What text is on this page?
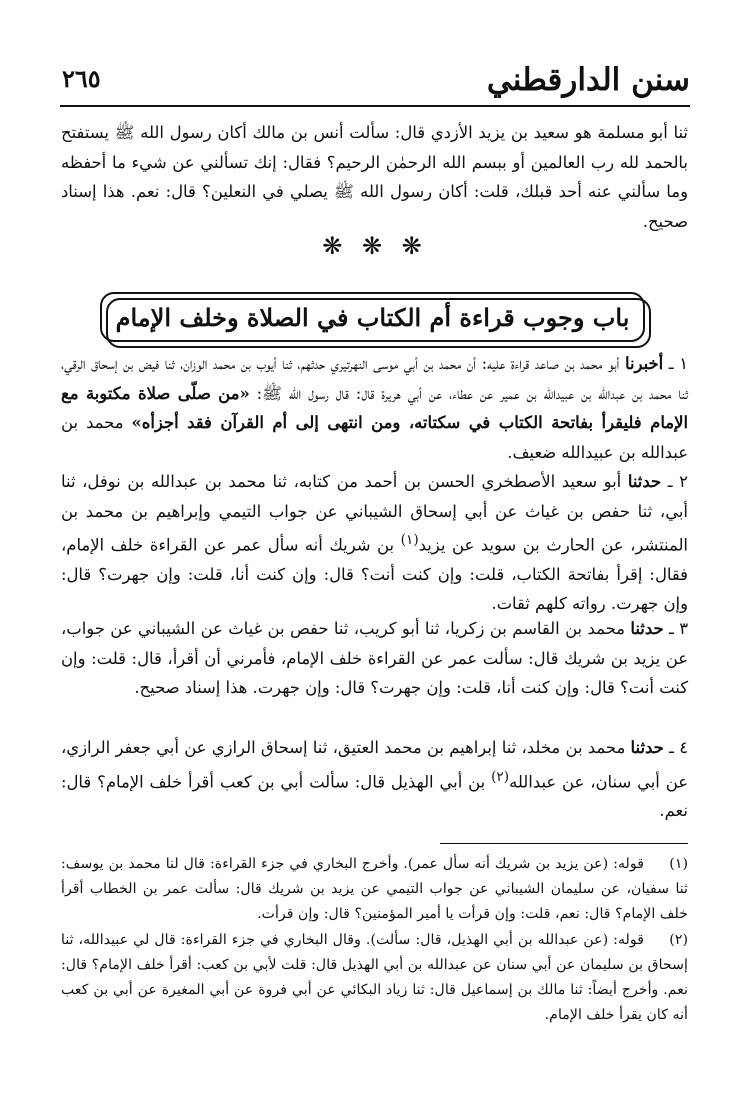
سنن الدارقطني
٢٦٥

ثنا أبو مسلمة هو سعيد بن يزيد الأزدي قال: سألت أنس بن مالك أكان رسول الله ﷺ يستفتح بالحمد لله رب العالمين أو ببسم الله الرحمٰن الرحيم؟ فقال: إنك تسألني عن شيء ما أحفظه وما سألني عنه أحد قبلك، قلت: أكان رسول الله ﷺ يصلي في النعلين؟ قال: نعم. هذا إسناد صحيح.

❋ ❋ ❋
باب وجوب قراءة أم الكتاب في الصلاة وخلف الإمام

١ ـ أخبرنا أبو محمد بن صاعد قراءة عليه: أن محمد بن أبي موسى النهرتيري حدثهم، ثنا أيوب بن محمد الوزان، ثنا فيض بن إسحاق الرقي، ثنا محمد بن عبدالله بن عبيدالله بن عمير عن عطاء، عن أبي هريرة قال: قال رسول الله ﷺ: «من صلّى صلاة مكتوبة مع الإمام فليقرأ بفاتحة الكتاب في سكتاته، ومن انتهى إلى أم القرآن فقد أجزأه» محمد بن عبدالله بن عبيدالله ضعيف.

٢ ـ حدثنا أبو سعيد الأصطخري الحسن بن أحمد من كتابه، ثنا محمد بن عبدالله بن نوفل، ثنا أبي، ثنا حفص بن غياث عن أبي إسحاق الشيباني عن جواب التيمي وإبراهيم بن محمد بن المنتشر، عن الحارث بن سويد عن يزيد$^{(١)}$ بن شريك أنه سأل عمر عن القراءة خلف الإمام، فقال: إقرأ بفاتحة الكتاب، قلت: وإن كنت أنت؟ قال: وإن كنت أنا، قلت: وإن جهرت؟ قال: وإن جهرت. رواته كلهم ثقات.

٣ ـ حدثنا محمد بن القاسم بن زكريا، ثنا أبو كريب، ثنا حفص بن غياث عن الشيباني عن جواب، عن يزيد بن شريك قال: سألت عمر عن القراءة خلف الإمام، فأمرني أن أقرأ، قال: قلت: وإن كنت أنت؟ قال: وإن كنت أنا، قلت: وإن جهرت؟ قال: وإن جهرت. هذا إسناد صحيح.

٤ ـ حدثنا محمد بن مخلد، ثنا إبراهيم بن محمد العتيق، ثنا إسحاق الرازي عن أبي جعفر الرازي، عن أبي سنان، عن عبدالله$^{(٢)}$ بن أبي الهذيل قال: سألت أبي بن كعب أقرأ خلف الإمام؟ قال: نعم.

(١)قوله: (عن يزيد بن شريك أنه سأل عمر). وأخرج البخاري في جزء القراءة: قال لنا محمد بن يوسف: ثنا سفيان، عن سليمان الشيباني عن جواب التيمي عن يزيد بن شريك قال: سألت عمر بن الخطاب أقرأ خلف الإمام؟ قال: نعم، قلت: وإن قرأت يا أمير المؤمنين؟ قال: وإن قرأت.

(٢)قوله: (عن عبدالله بن أبي الهذيل، قال: سألت). وقال البخاري في جزء القراءة: قال لي عبيدالله، ثنا إسحاق بن سليمان عن أبي سنان عن عبدالله بن أبي الهذيل قال: قلت لأبي بن كعب: أقرأ خلف الإمام؟ قال: نعم. وأخرج أيضاً: ثنا مالك بن إسماعيل قال: ثنا زياد البكائي عن أبي فروة عن أبي المغيرة عن أبي بن كعب أنه كان يقرأ خلف الإمام.
